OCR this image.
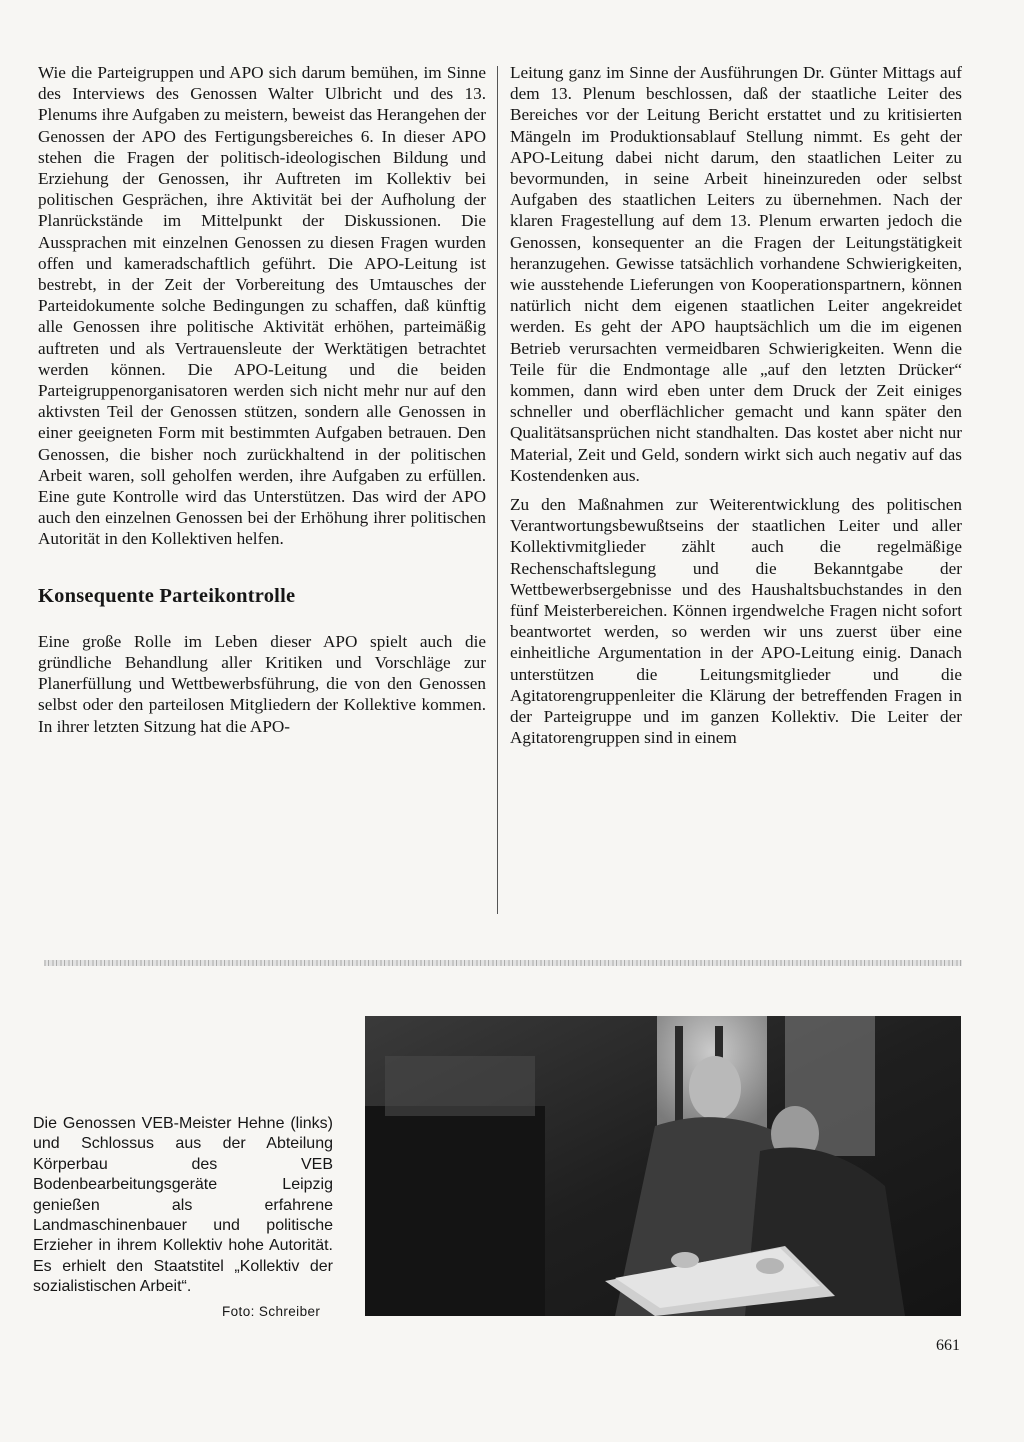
Wie die Parteigruppen und APO sich darum bemühen, im Sinne des Interviews des Genossen Walter Ulbricht und des 13. Plenums ihre Aufgaben zu meistern, beweist das Herangehen der Genossen der APO des Fertigungsbereiches 6. In dieser APO stehen die Fragen der politisch-ideologischen Bildung und Erziehung der Genossen, ihr Auftreten im Kollektiv bei politischen Gesprächen, ihre Aktivität bei der Aufholung der Planrückstände im Mittelpunkt der Diskussionen. Die Aussprachen mit einzelnen Genossen zu diesen Fragen wurden offen und kameradschaftlich geführt. Die APO-Leitung ist bestrebt, in der Zeit der Vorbereitung des Umtausches der Parteidokumente solche Bedingungen zu schaffen, daß künftig alle Genossen ihre politische Aktivität erhöhen, parteimäßig auftreten und als Vertrauensleute der Werktätigen betrachtet werden können. Die APO-Leitung und die beiden Parteigruppenorganisatoren werden sich nicht mehr nur auf den aktivsten Teil der Genossen stützen, sondern alle Genossen in einer geeigneten Form mit bestimmten Aufgaben betrauen. Den Genossen, die bisher noch zurückhaltend in der politischen Arbeit waren, soll geholfen werden, ihre Aufgaben zu erfüllen. Eine gute Kontrolle wird das Unterstützen. Das wird der APO auch den einzelnen Genossen bei der Erhöhung ihrer politischen Autorität in den Kollektiven helfen.

Konsequente Parteikontrolle

Eine große Rolle im Leben dieser APO spielt auch die gründliche Behandlung aller Kritiken und Vorschläge zur Planerfüllung und Wettbewerbsführung, die von den Genossen selbst oder den parteilosen Mitgliedern der Kollektive kommen. In ihrer letzten Sitzung hat die APO-

Leitung ganz im Sinne der Ausführungen Dr. Günter Mittags auf dem 13. Plenum beschlossen, daß der staatliche Leiter des Bereiches vor der Leitung Bericht erstattet und zu kritisierten Mängeln im Produktionsablauf Stellung nimmt. Es geht der APO-Leitung dabei nicht darum, den staatlichen Leiter zu bevormunden, in seine Arbeit hineinzureden oder selbst Aufgaben des staatlichen Leiters zu übernehmen. Nach der klaren Fragestellung auf dem 13. Plenum erwarten jedoch die Genossen, konsequenter an die Fragen der Leitungstätigkeit heranzugehen. Gewisse tatsächlich vorhandene Schwierigkeiten, wie ausstehende Lieferungen von Kooperationspartnern, können natürlich nicht dem eigenen staatlichen Leiter angekreidet werden. Es geht der APO hauptsächlich um die im eigenen Betrieb verursachten vermeidbaren Schwierigkeiten. Wenn die Teile für die Endmontage alle „auf den letzten Drücker“ kommen, dann wird eben unter dem Druck der Zeit einiges schneller und oberflächlicher gemacht und kann später den Qualitätsansprüchen nicht standhalten. Das kostet aber nicht nur Material, Zeit und Geld, sondern wirkt sich auch negativ auf das Kostendenken aus.

Zu den Maßnahmen zur Weiterentwicklung des politischen Verantwortungsbewußtseins der staatlichen Leiter und aller Kollektivmitglieder zählt auch die regelmäßige Rechenschaftslegung und die Bekanntgabe der Wettbewerbsergebnisse und des Haushaltsbuchstandes in den fünf Meisterbereichen. Können irgendwelche Fragen nicht sofort beantwortet werden, so werden wir uns zuerst über eine einheitliche Argumentation in der APO-Leitung einig. Danach unterstützen die Leitungsmitglieder und die Agitatorengruppenleiter die Klärung der betreffenden Fragen in der Parteigruppe und im ganzen Kollektiv. Die Leiter der Agitatorengruppen sind in einem

Die Genossen VEB-Meister Hehne (links) und Schlossus aus der Abteilung Körperbau des VEB Bodenbearbeitungsgeräte Leipzig genießen als erfahrene Landmaschinenbauer und politische Erzieher in ihrem Kollektiv hohe Autorität. Es erhielt den Staatstitel „Kollektiv der sozialistischen Arbeit“.
Foto: Schreiber
661
